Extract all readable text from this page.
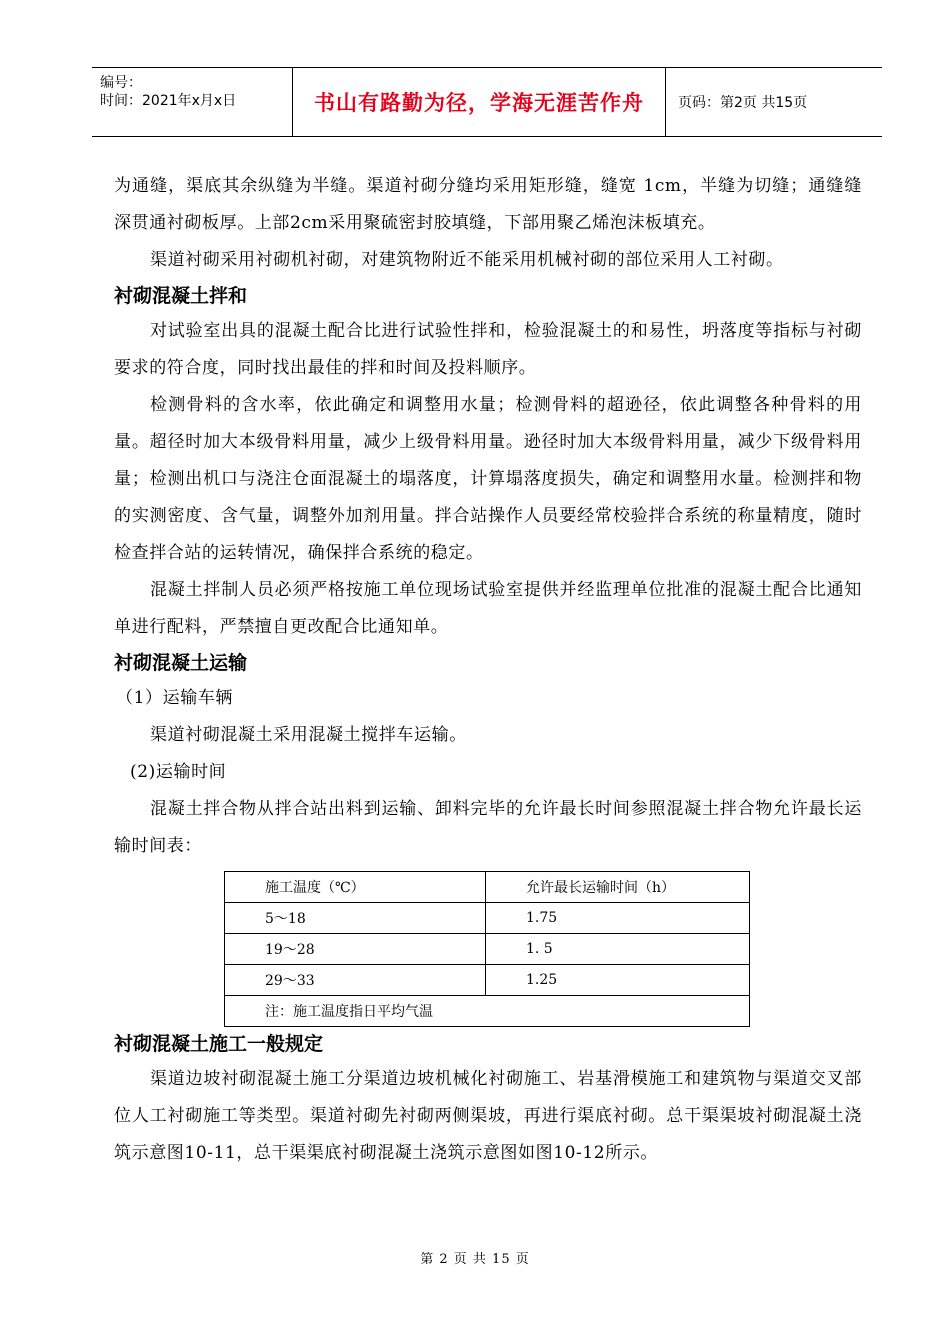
编号：
时间：2021年x月x日	书山有路勤为径，学海无涯苦作舟 页码：第2页 共15页

为通缝，渠底其余纵缝为半缝。渠道衬砌分缝均采用矩形缝，缝宽 1cm，半缝为切缝；通缝缝深贯通衬砌板厚。上部2cm采用聚硫密封胶填缝，下部用聚乙烯泡沫板填充。

渠道衬砌采用衬砌机衬砌，对建筑物附近不能采用机械衬砌的部位采用人工衬砌。

衬砌混凝土拌和

对试验室出具的混凝土配合比进行试验性拌和，检验混凝土的和易性，坍落度等指标与衬砌要求的符合度，同时找出最佳的拌和时间及投料顺序。

检测骨料的含水率，依此确定和调整用水量；检测骨料的超逊径，依此调整各种骨料的用量。超径时加大本级骨料用量，减少上级骨料用量。逊径时加大本级骨料用量，减少下级骨料用量；检测出机口与浇注仓面混凝土的塌落度，计算塌落度损失，确定和调整用水量。检测拌和物的实测密度、含气量，调整外加剂用量。拌合站操作人员要经常校验拌合系统的称量精度，随时检查拌合站的运转情况，确保拌合系统的稳定。

混凝土拌制人员必须严格按施工单位现场试验室提供并经监理单位批准的混凝土配合比通知单进行配料，严禁擅自更改配合比通知单。

衬砌混凝土运输

（1）运输车辆

渠道衬砌混凝土采用混凝土搅拌车运输。

(2)运输时间

混凝土拌合物从拌合站出料到运输、卸料完毕的允许最长时间参照混凝土拌合物允许最长运输时间表：

施工温度（℃）	允许最长运输时间（h）
5～18	1.75
19～28	1. 5
29～33	1.25
注：施工温度指日平均气温	
衬砌混凝土施工一般规定

渠道边坡衬砌混凝土施工分渠道边坡机械化衬砌施工、岩基滑模施工和建筑物与渠道交叉部位人工衬砌施工等类型。渠道衬砌先衬砌两侧渠坡，再进行渠底衬砌。总干渠渠坡衬砌混凝土浇筑示意图10-11，总干渠渠底衬砌混凝土浇筑示意图如图10-12所示。

第 2 页 共 15 页
